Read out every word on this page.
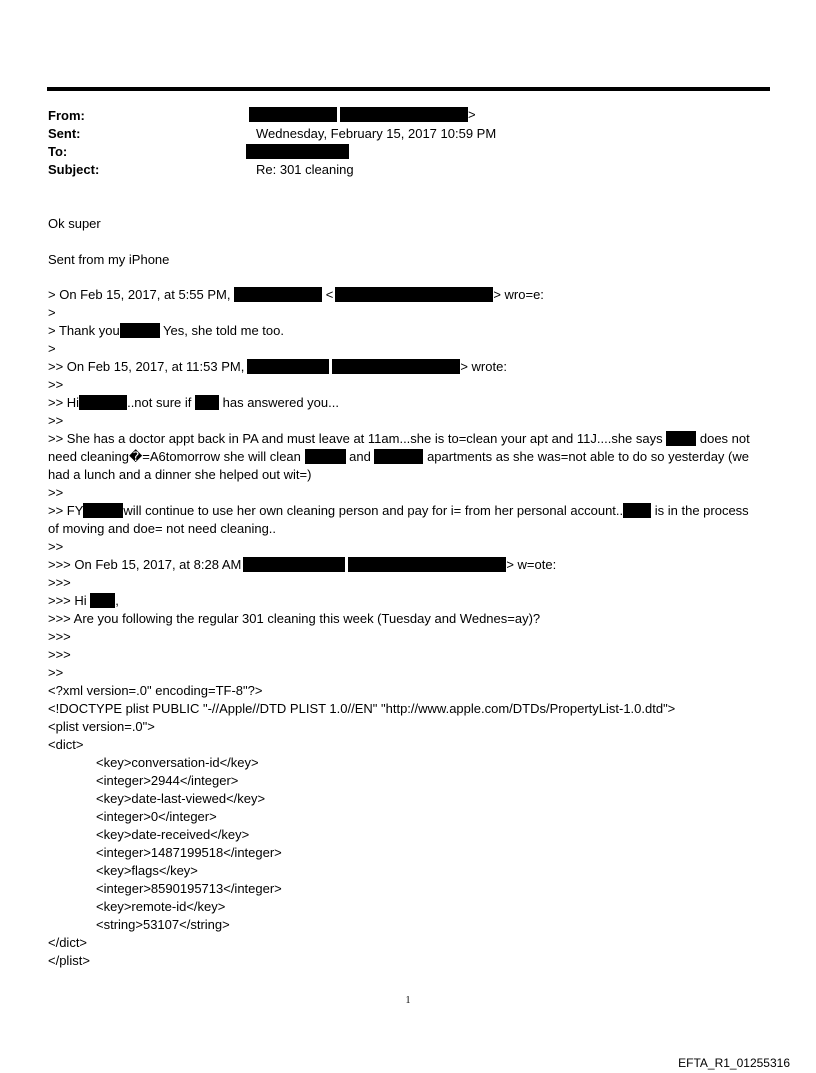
From:	>
Sent:	Wednesday, February 15, 2017 10:59 PM
To:
Subject:	Re: 301 cleaning
Ok super
Sent from my iPhone
> On Feb 15, 2017, at 5:55 PM,	<	> wro=e:
>
> Thank you	Yes, she told me too.
>
>> On Feb 15, 2017, at 11:53 PM,	> wrote:
>>
>> Hi	..not sure if  has answered you...
>>
>> She has a doctor appt back in PA and must leave at 11am...she is to=clean your apt and 11J....she says	does not
need cleaning�=A6tomorrow she will clean	and	apartments as she was=not able to do so yesterday (we
had a lunch and a dinner she helped out wit=)
>>
>> FY	will continue to use her own cleaning person and pay for i= from her personal account.. is in the process
of moving and doe= not need cleaning..
>>
>>> On Feb 15, 2017, at 8:28 AM	> w=ote:
>>>
>>> Hi ,
>>> Are you following the regular 301 cleaning this week (Tuesday and Wednes=ay)?
>>>
>>>
>>
<?xml version=.0" encoding=TF-8"?>
<!DOCTYPE plist PUBLIC "-//Apple//DTD PLIST 1.0//EN" "http://www.apple.com/DTDs/PropertyList-1.0.dtd">
<plist version=.0">
<dict>
<key>conversation-id</key>
<integer>2944</integer>
<key>date-last-viewed</key>
<integer>0</integer>
<key>date-received</key>
<integer>1487199518</integer>
<key>flags</key>
<integer>8590195713</integer>
<key>remote-id</key>
<string>53107</string>
</dict>
</plist>
1
EFTA_R1_01255316
